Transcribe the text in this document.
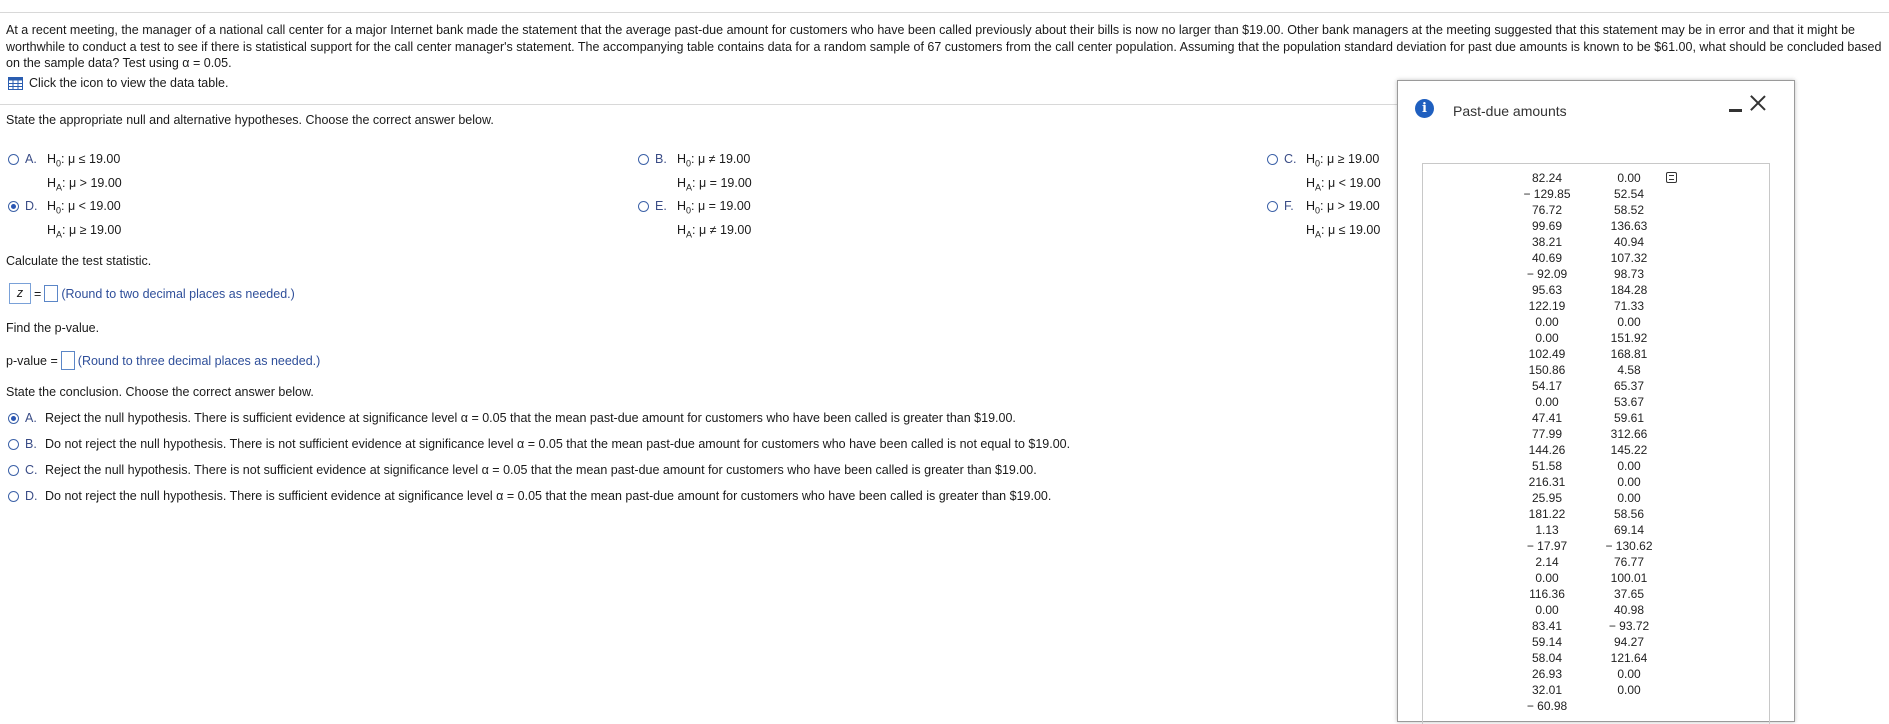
At a recent meeting, the manager of a national call center for a major Internet bank made the statement that the average past-due amount for customers who have been called previously about their bills is now no larger than $19.00. Other bank managers at the meeting suggested that this statement may be in error and that it might be worthwhile to conduct a test to see if there is statistical support for the call center manager's statement. The accompanying table contains data for a random sample of 67 customers from the call center population. Assuming that the population standard deviation for past due amounts is known to be $61.00, what should be concluded based on the sample data? Test using α = 0.05.
Click the icon to view the data table.
State the appropriate null and alternative hypotheses. Choose the correct answer below.
A. $H_0$: μ ≤ 19.00
$H_A$: μ > 19.00
B. $H_0$: μ ≠ 19.00
$H_A$: μ = 19.00
C. $H_0$: μ ≥ 19.00
$H_A$: μ < 19.00
D. $H_0$: μ < 19.00
$H_A$: μ ≥ 19.00
E. $H_0$: μ = 19.00
$H_A$: μ ≠ 19.00
F. $H_0$: μ > 19.00
$H_A$: μ ≤ 19.00
Calculate the test statistic.
z = (Round to two decimal places as needed.)
Find the p-value.
p-value = (Round to three decimal places as needed.)
State the conclusion. Choose the correct answer below.
A. Reject the null hypothesis. There is sufficient evidence at significance level α = 0.05 that the mean past-due amount for customers who have been called is greater than $19.00.
B. Do not reject the null hypothesis. There is not sufficient evidence at significance level α = 0.05 that the mean past-due amount for customers who have been called is not equal to $19.00.
C. Reject the null hypothesis. There is not sufficient evidence at significance level α = 0.05 that the mean past-due amount for customers who have been called is greater than $19.00.
D. Do not reject the null hypothesis. There is sufficient evidence at significance level α = 0.05 that the mean past-due amount for customers who have been called is greater than $19.00.
i	Past-due amounts
82.24
− 129.85
76.72
99.69
38.21
40.69
− 92.09
95.63
122.19
0.00
0.00
102.49
150.86
54.17
0.00
47.41
77.99
144.26
51.58
216.31
25.95
181.22
1.13
− 17.97
2.14
0.00
116.36
0.00
83.41
59.14
58.04
26.93
32.01
− 60.98
0.00
52.54
58.52
136.63
40.94
107.32
98.73
184.28
71.33
0.00
151.92
168.81
4.58
65.37
53.67
59.61
312.66
145.22
0.00
0.00
0.00
58.56
69.14
− 130.62
76.77
100.01
37.65
40.98
− 93.72
94.27
121.64
0.00
0.00
